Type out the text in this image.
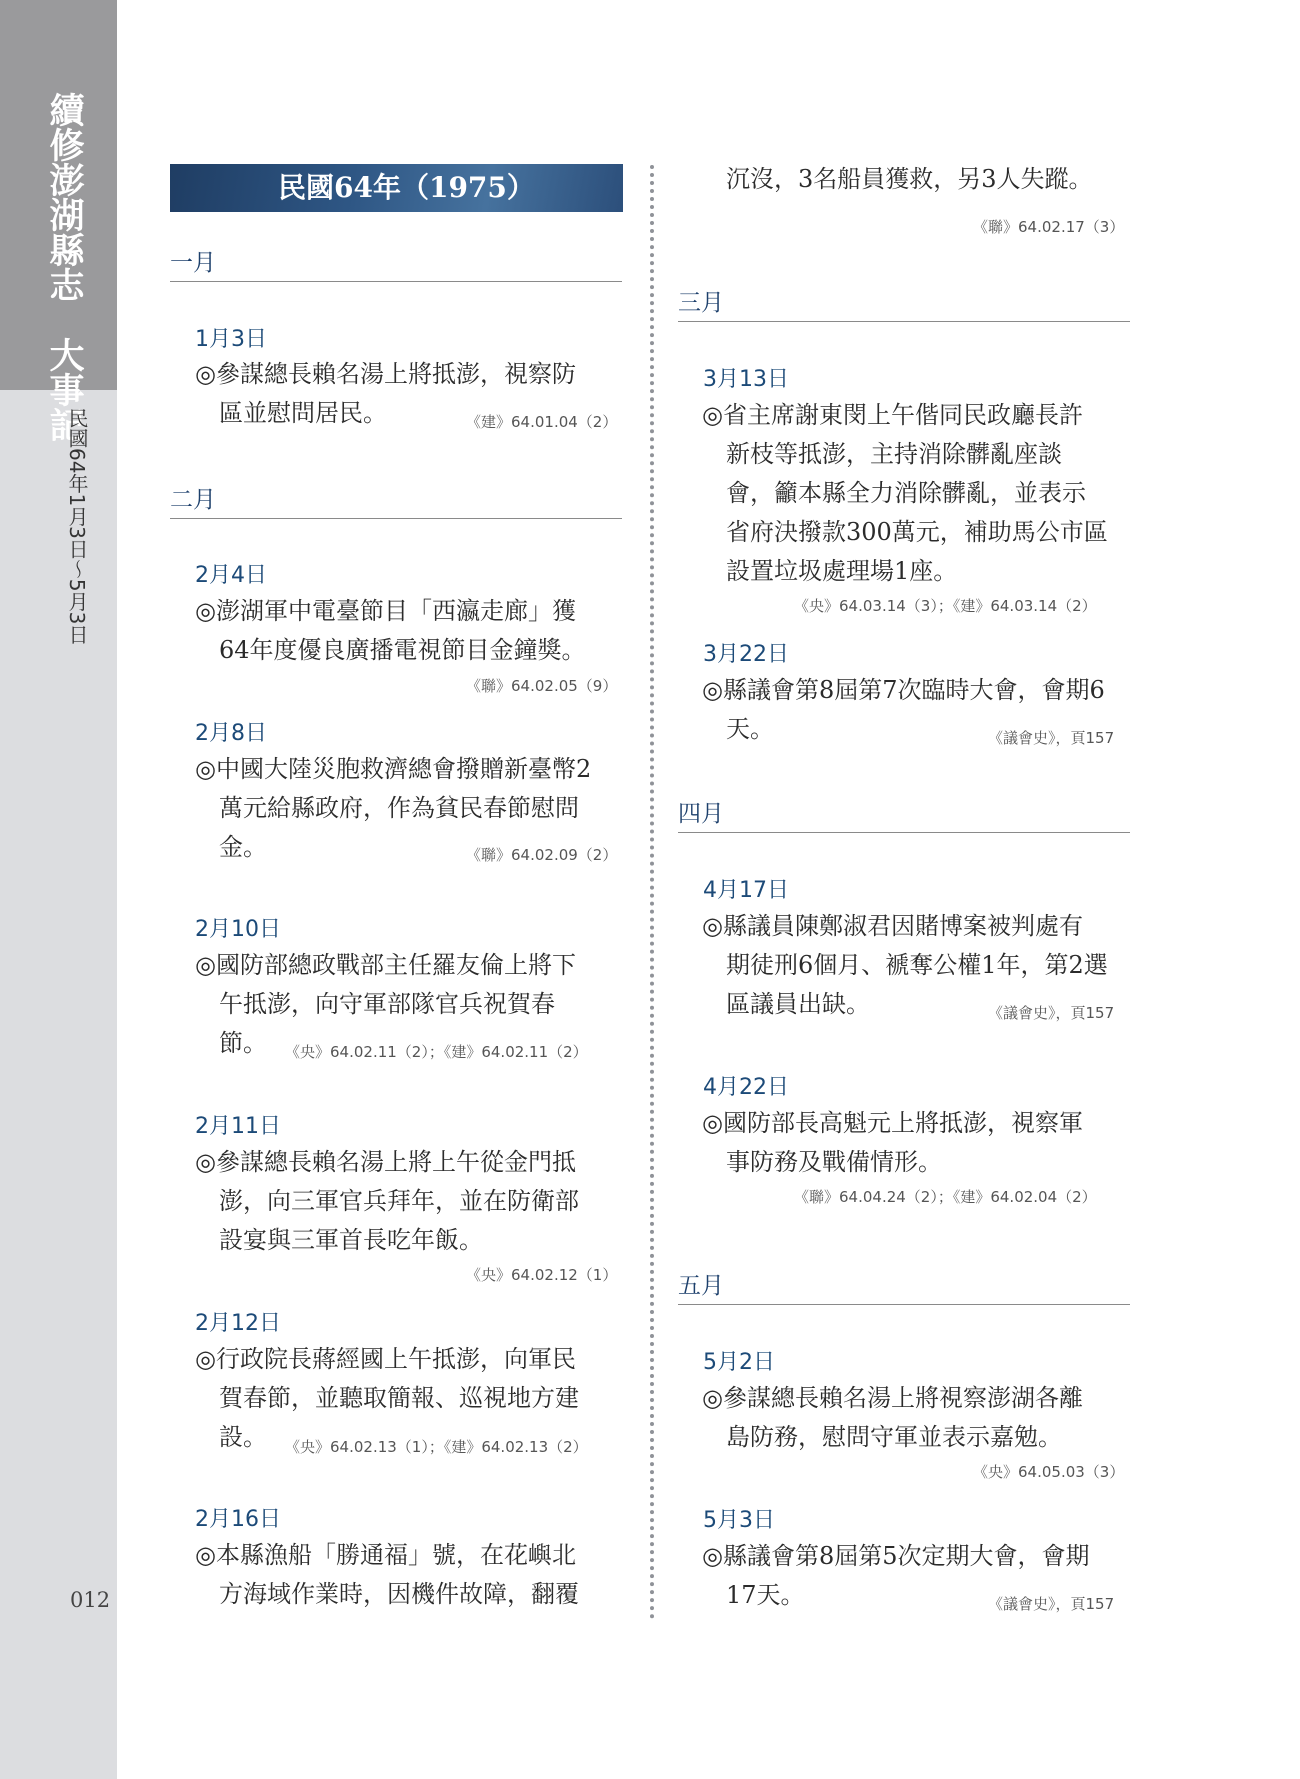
續修澎湖縣志　大事記
民國64年1月3日〜5月3日
012
民國64年（1975）
一月
1月3日
◎參謀總長賴名湯上將抵澎，視察防
區並慰問居民。	《建》64.01.04（2）
二月
2月4日
◎澎湖軍中電臺節目「西瀛走廊」獲
64年度優良廣播電視節目金鐘獎。
《聯》64.02.05（9）
2月8日
◎中國大陸災胞救濟總會撥贈新臺幣2
萬元給縣政府，作為貧民春節慰問
金。	《聯》64.02.09（2）
2月10日
◎國防部總政戰部主任羅友倫上將下
午抵澎，向守軍部隊官兵祝賀春
節。	《央》64.02.11（2）；《建》64.02.11（2）
2月11日
◎參謀總長賴名湯上將上午從金門抵
澎，向三軍官兵拜年，並在防衛部
設宴與三軍首長吃年飯。
《央》64.02.12（1）
2月12日
◎行政院長蔣經國上午抵澎，向軍民
賀春節，並聽取簡報、巡視地方建
設。	《央》64.02.13（1）；《建》64.02.13（2）
2月16日
◎本縣漁船「勝通福」號，在花嶼北
方海域作業時，因機件故障，翻覆
沉沒，3名船員獲救，另3人失蹤。
《聯》64.02.17（3）
三月
3月13日
◎省主席謝東閔上午偕同民政廳長許
新枝等抵澎，主持消除髒亂座談
會，籲本縣全力消除髒亂，並表示
省府決撥款300萬元，補助馬公市區
設置垃圾處理場1座。
《央》64.03.14（3）；《建》64.03.14（2）
3月22日
◎縣議會第8屆第7次臨時大會，會期6
天。	《議會史》，頁157
四月
4月17日
◎縣議員陳鄭淑君因賭博案被判處有
期徒刑6個月、褫奪公權1年，第2選
區議員出缺。	《議會史》，頁157
4月22日
◎國防部長高魁元上將抵澎，視察軍
事防務及戰備情形。
《聯》64.04.24（2）；《建》64.02.04（2）
五月
5月2日
◎參謀總長賴名湯上將視察澎湖各離
島防務，慰問守軍並表示嘉勉。
《央》64.05.03（3）
5月3日
◎縣議會第8屆第5次定期大會，會期
17天。	《議會史》，頁157
